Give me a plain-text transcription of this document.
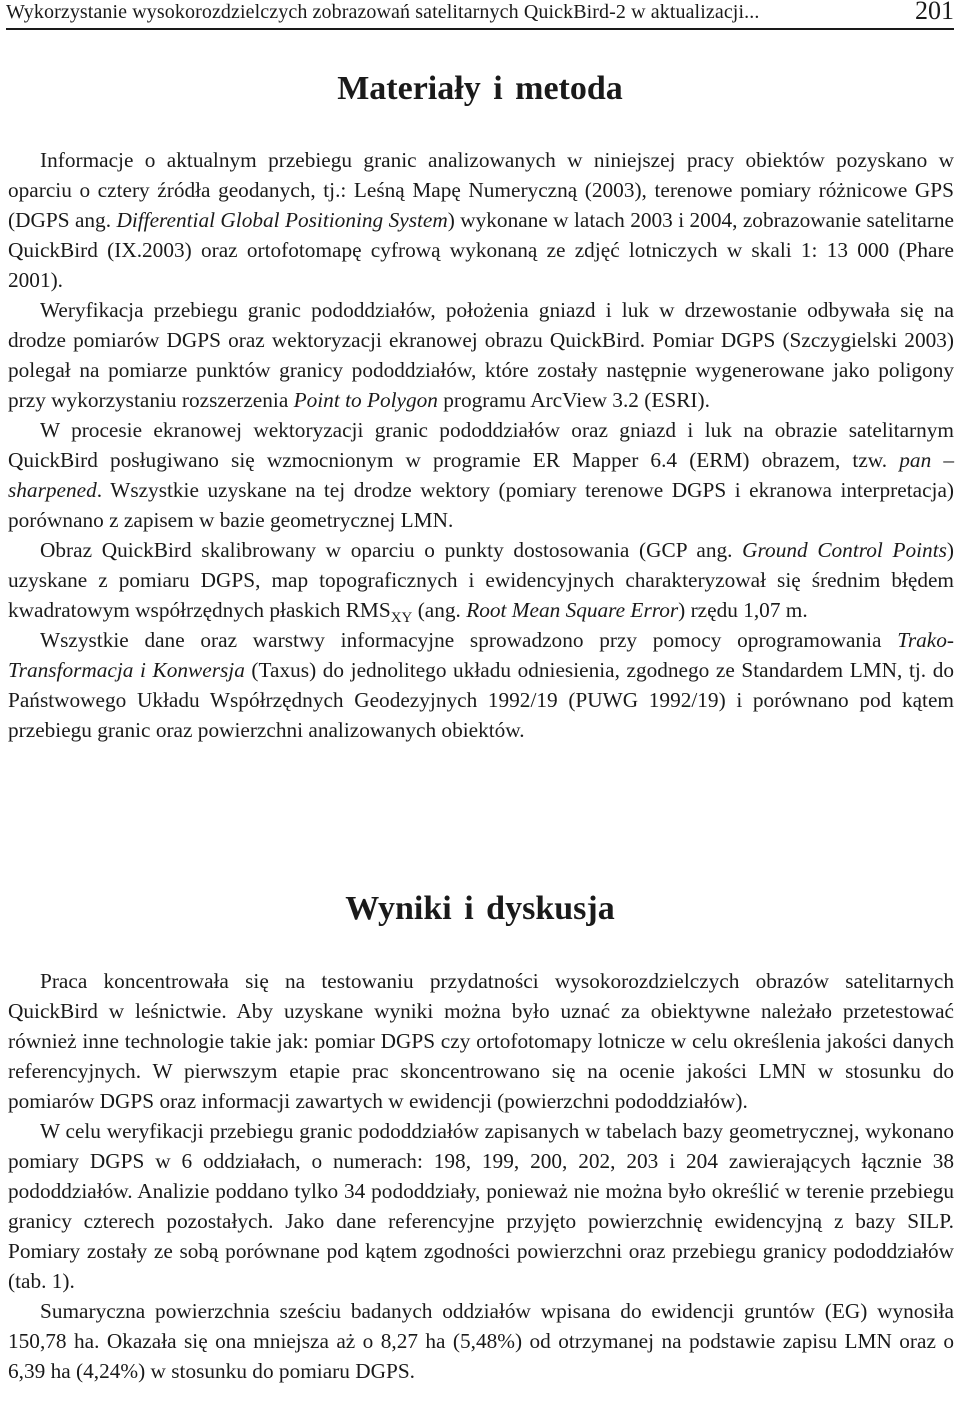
Wykorzystanie wysokorozdzielczych zobrazowań satelitarnych QuickBird-2 w aktualizacji...	201
Materiały i metoda

Informacje o aktualnym przebiegu granic analizowanych w niniejszej pracy obiektów pozyskano w oparciu o cztery źródła geodanych, tj.: Leśną Mapę Numeryczną (2003), terenowe pomiary różnicowe GPS (DGPS ang. Differential Global Positioning System) wykonane w latach 2003 i 2004, zobrazowanie satelitarne QuickBird (IX.2003) oraz ortofotomapę cyfrową wykonaną ze zdjęć lotniczych w skali 1: 13 000 (Phare 2001).

Weryfikacja przebiegu granic pododdziałów, położenia gniazd i luk w drzewostanie odbywała się na drodze pomiarów DGPS oraz wektoryzacji ekranowej obrazu QuickBird. Pomiar DGPS (Szczygielski 2003) polegał na pomiarze punktów granicy pododdziałów, które zostały następnie wygenerowane jako poligony przy wykorzystaniu rozszerzenia Point to Polygon programu ArcView 3.2 (ESRI).

W procesie ekranowej wektoryzacji granic pododdziałów oraz gniazd i luk na obrazie satelitarnym QuickBird posługiwano się wzmocnionym w programie ER Mapper 6.4 (ERM) obrazem, tzw. pan – sharpened. Wszystkie uzyskane na tej drodze wektory (pomiary terenowe DGPS i ekranowa interpretacja) porównano z zapisem w bazie geometrycznej LMN.

Obraz QuickBird skalibrowany w oparciu o punkty dostosowania (GCP ang. Ground Control Points) uzyskane z pomiaru DGPS, map topograficznych i ewidencyjnych charakteryzował się średnim błędem kwadratowym współrzędnych płaskich $RMS_{XY}$ (ang. Root Mean Square Error) rzędu 1,07 m.

Wszystkie dane oraz warstwy informacyjne sprowadzono przy pomocy oprogramowania Trako-Transformacja i Konwersja (Taxus) do jednolitego układu odniesienia, zgodnego ze Standardem LMN, tj. do Państwowego Układu Współrzędnych Geodezyjnych 1992/19 (PUWG 1992/19) i porównano pod kątem przebiegu granic oraz powierzchni analizowanych obiektów.

Wyniki i dyskusja

Praca koncentrowała się na testowaniu przydatności wysokorozdzielczych obrazów satelitarnych QuickBird w leśnictwie. Aby uzyskane wyniki można było uznać za obiektywne należało przetestować również inne technologie takie jak: pomiar DGPS czy ortofotomapy lotnicze w celu określenia jakości danych referencyjnych. W pierwszym etapie prac skoncentrowano się na ocenie jakości LMN w stosunku do pomiarów DGPS oraz informacji zawartych w ewidencji (powierzchni pododdziałów).

W celu weryfikacji przebiegu granic pododdziałów zapisanych w tabelach bazy geometrycznej, wykonano pomiary DGPS w 6 oddziałach, o numerach: 198, 199, 200, 202, 203 i 204 zawierających łącznie 38 pododdziałów. Analizie poddano tylko 34 pododdziały, ponieważ nie można było określić w terenie przebiegu granicy czterech pozostałych. Jako dane referencyjne przyjęto powierzchnię ewidencyjną z bazy SILP. Pomiary zostały ze sobą porównane pod kątem zgodności powierzchni oraz przebiegu granicy pododdziałów (tab. 1).

Sumaryczna powierzchnia sześciu badanych oddziałów wpisana do ewidencji gruntów (EG) wynosiła 150,78 ha. Okazała się ona mniejsza aż o 8,27 ha (5,48%) od otrzymanej na podstawie zapisu LMN oraz o 6,39 ha (4,24%) w stosunku do pomiaru DGPS.
